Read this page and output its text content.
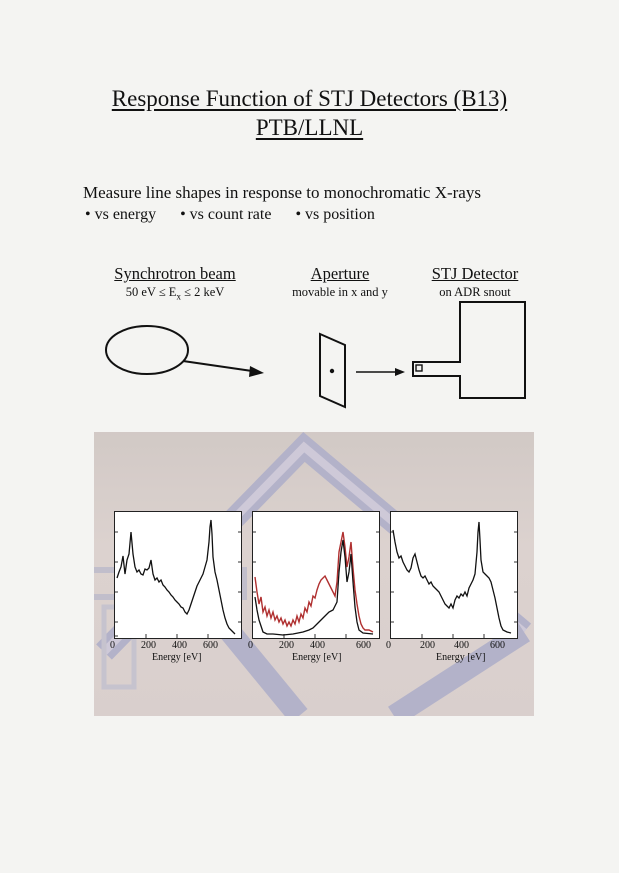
Response Function of STJ Detectors (B13)
PTB/LLNL
Measure line shapes in response to monochromatic X-rays
• vs energy • vs count rate • vs position
Synchrotron beam
50 eV ≤ $E_x \le 2$ keV
Aperture
movable in x and y
STJ Detector
on ADR snout
0	200 400 600
Energy [eV]
0	200 400	600
Energy [eV]
0	200 400 600
Energy [eV]
